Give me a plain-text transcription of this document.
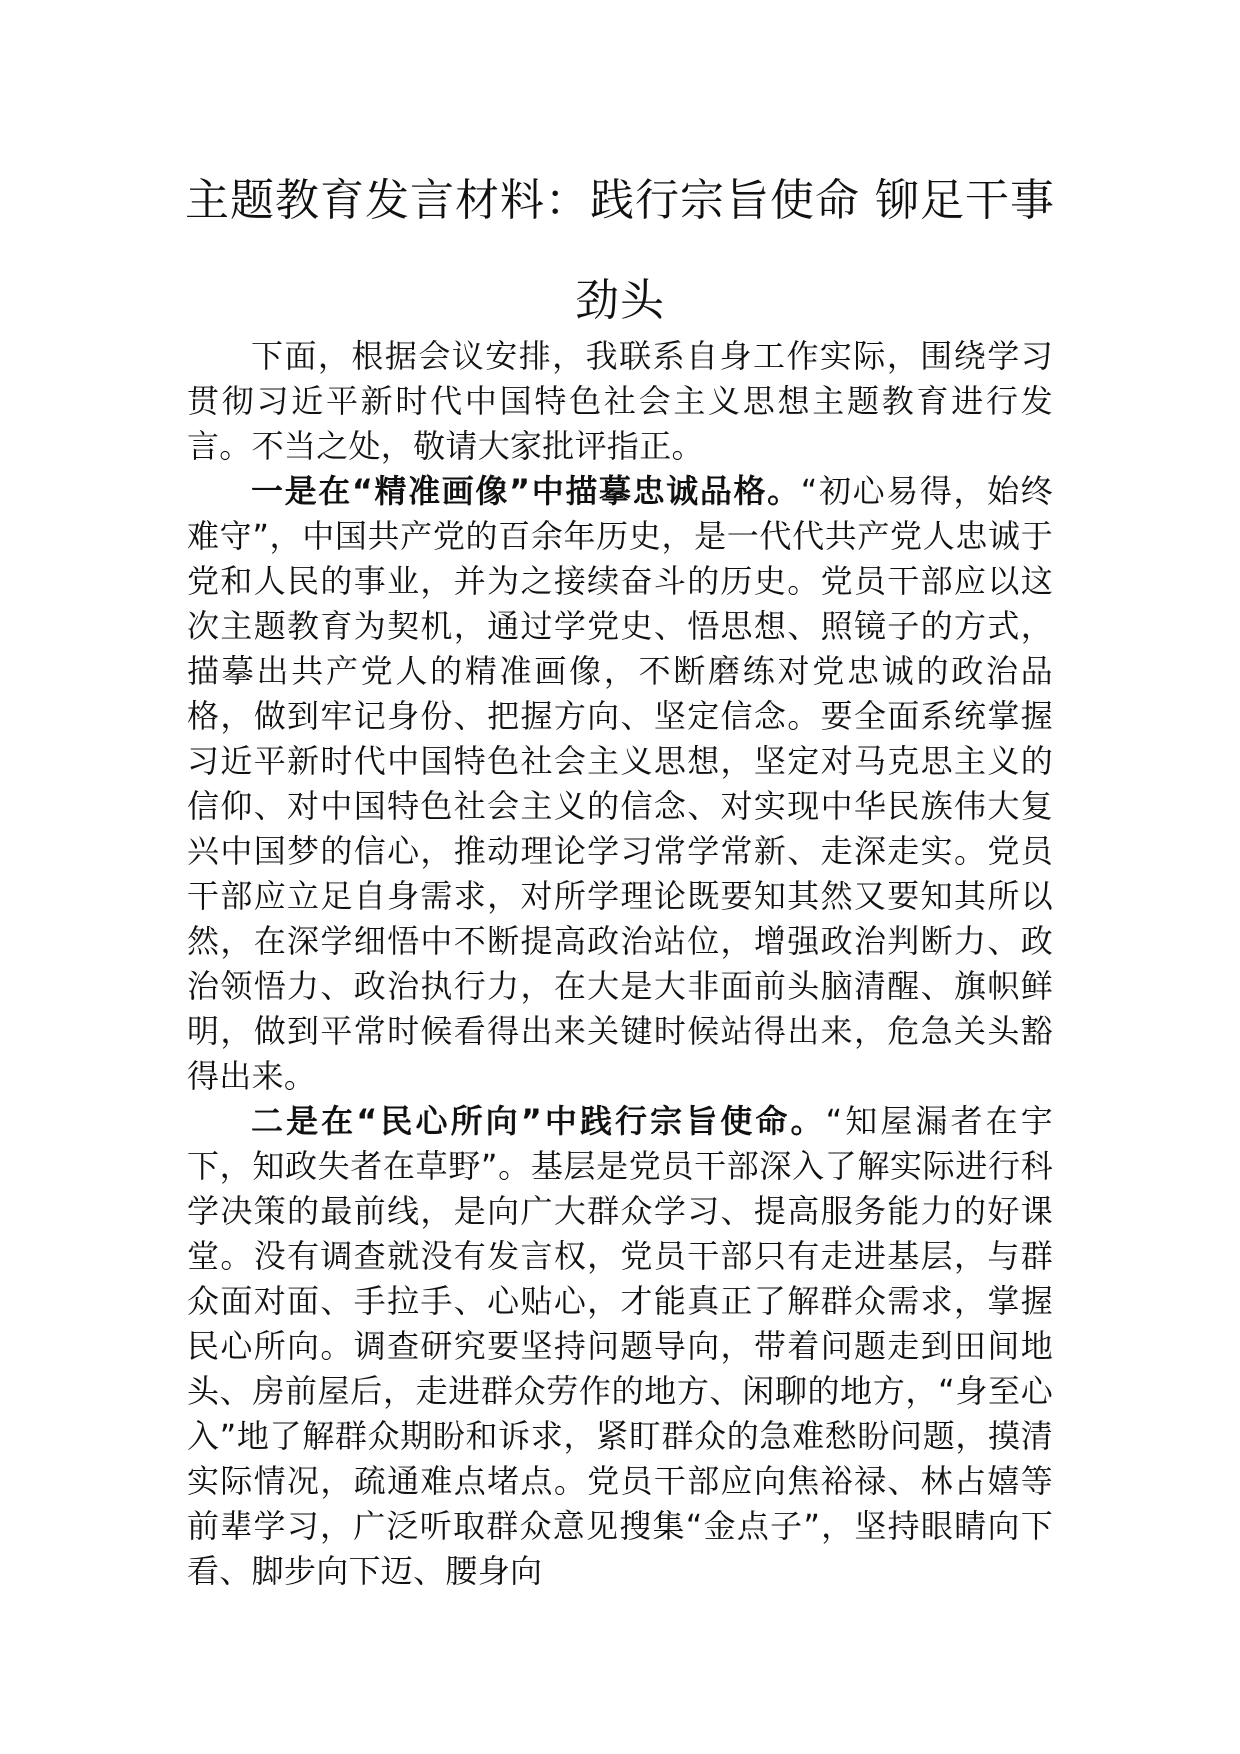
主题教育发言材料：践行宗旨使命 铆足干事劲头

下面，根据会议安排，我联系自身工作实际，围绕学习贯彻习近平新时代中国特色社会主义思想主题教育进行发言。不当之处，敬请大家批评指正。

一是在“精准画像”中描摹忠诚品格。“初心易得，始终难守”，中国共产党的百余年历史，是一代代共产党人忠诚于党和人民的事业，并为之接续奋斗的历史。党员干部应以这次主题教育为契机，通过学党史、悟思想、照镜子的方式，描摹出共产党人的精准画像，不断磨练对党忠诚的政治品格，做到牢记身份、把握方向、坚定信念。要全面系统掌握习近平新时代中国特色社会主义思想，坚定对马克思主义的信仰、对中国特色社会主义的信念、对实现中华民族伟大复兴中国梦的信心，推动理论学习常学常新、走深走实。党员干部应立足自身需求，对所学理论既要知其然又要知其所以然，在深学细悟中不断提高政治站位，增强政治判断力、政治领悟力、政治执行力，在大是大非面前头脑清醒、旗帜鲜明，做到平常时候看得出来关键时候站得出来，危急关头豁得出来。

二是在“民心所向”中践行宗旨使命。“知屋漏者在宇下，知政失者在草野”。基层是党员干部深入了解实际进行科学决策的最前线，是向广大群众学习、提高服务能力的好课堂。没有调查就没有发言权，党员干部只有走进基层，与群众面对面、手拉手、心贴心，才能真正了解群众需求，掌握民心所向。调查研究要坚持问题导向，带着问题走到田间地头、房前屋后，走进群众劳作的地方、闲聊的地方，“身至心入”地了解群众期盼和诉求，紧盯群众的急难愁盼问题，摸清实际情况，疏通难点堵点。党员干部应向焦裕禄、林占嬉等前辈学习，广泛听取群众意见搜集“金点子”，坚持眼睛向下看、脚步向下迈、腰身向
